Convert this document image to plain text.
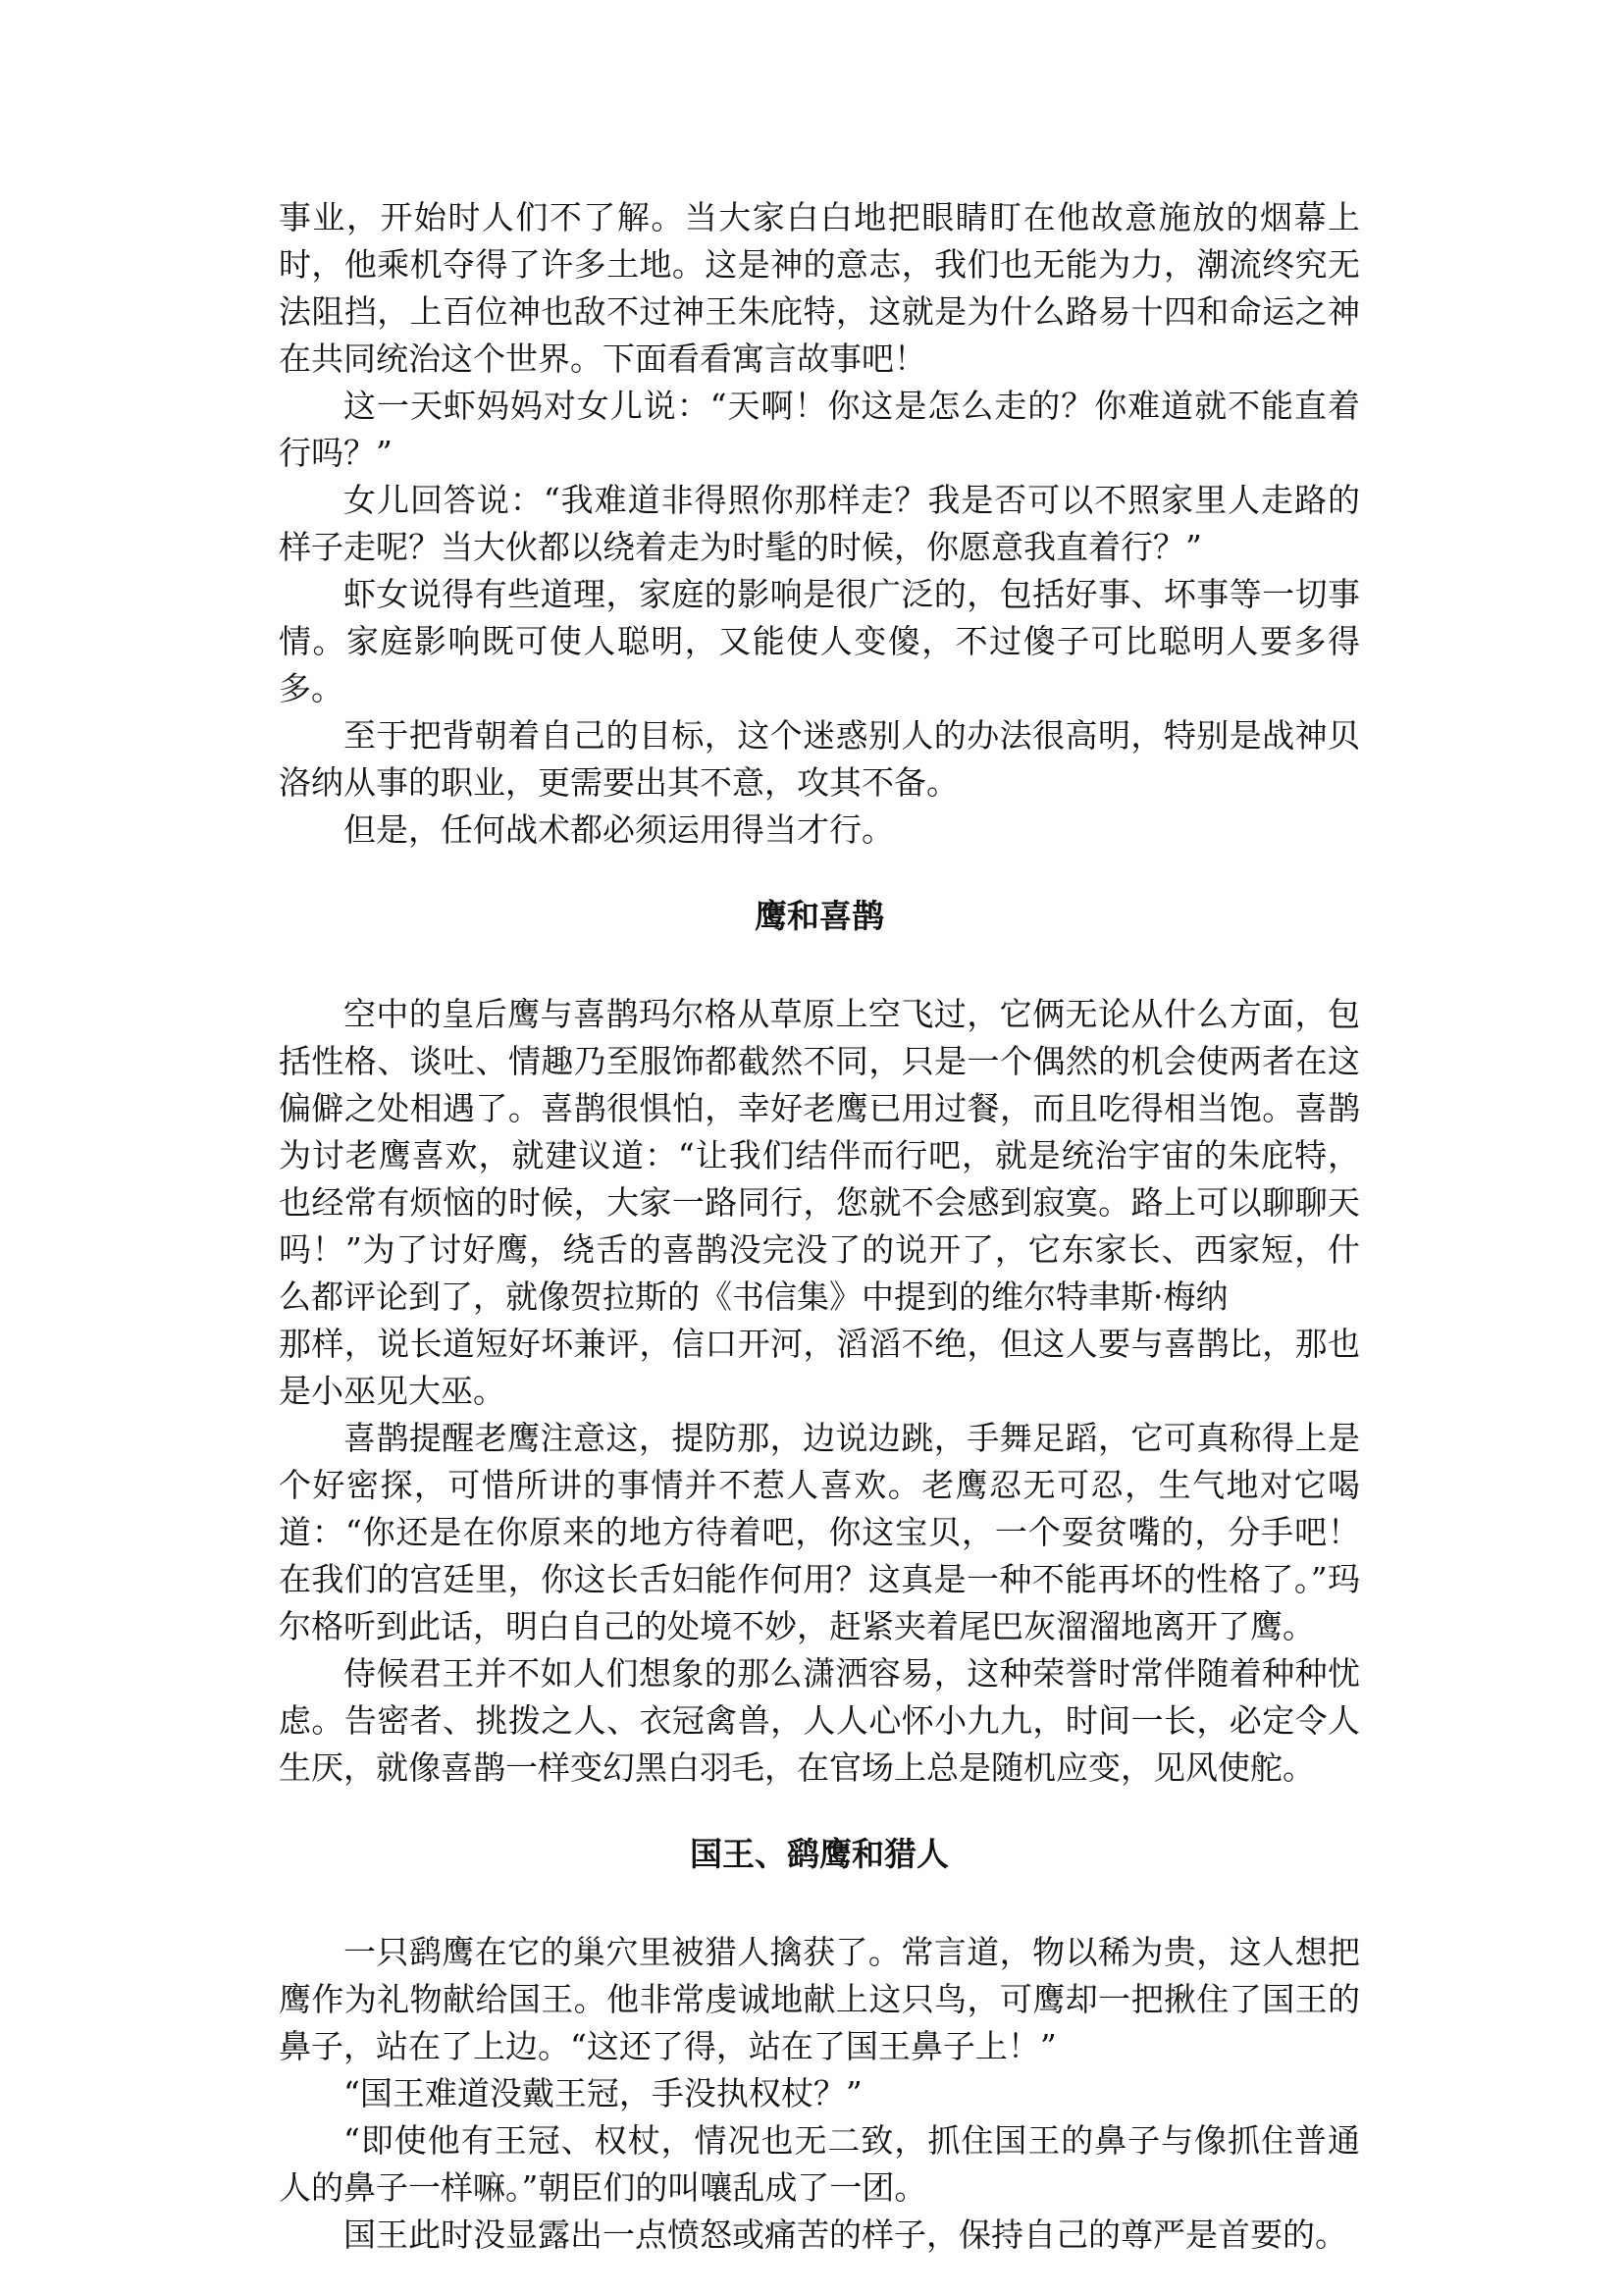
事业，开始时人们不了解。当大家白白地把眼睛盯在他故意施放的烟幕上时，他乘机夺得了许多土地。这是神的意志，我们也无能为力，潮流终究无法阻挡，上百位神也敌不过神王朱庇特，这就是为什么路易十四和命运之神在共同统治这个世界。下面看看寓言故事吧！

这一天虾妈妈对女儿说：“天啊！你这是怎么走的？你难道就不能直着行吗？”

女儿回答说：“我难道非得照你那样走？我是否可以不照家里人走路的样子走呢？当大伙都以绕着走为时髦的时候，你愿意我直着行？”

虾女说得有些道理，家庭的影响是很广泛的，包括好事、坏事等一切事情。家庭影响既可使人聪明，又能使人变傻，不过傻子可比聪明人要多得多。

至于把背朝着自己的目标，这个迷惑别人的办法很高明，特别是战神贝洛纳从事的职业，更需要出其不意，攻其不备。

但是，任何战术都必须运用得当才行。

鹰和喜鹊

空中的皇后鹰与喜鹊玛尔格从草原上空飞过，它俩无论从什么方面，包括性格、谈吐、情趣乃至服饰都截然不同，只是一个偶然的机会使两者在这偏僻之处相遇了。喜鹊很惧怕，幸好老鹰已用过餐，而且吃得相当饱。喜鹊为讨老鹰喜欢，就建议道：“让我们结伴而行吧，就是统治宇宙的朱庇特，也经常有烦恼的时候，大家一路同行，您就不会感到寂寞。路上可以聊聊天吗！”为了讨好鹰，绕舌的喜鹊没完没了的说开了，它东家长、西家短，什么都评论到了，就像贺拉斯的《书信集》中提到的维尔特聿斯·梅纳

那样，说长道短好坏兼评，信口开河，滔滔不绝，但这人要与喜鹊比，那也是小巫见大巫。

喜鹊提醒老鹰注意这，提防那，边说边跳，手舞足蹈，它可真称得上是个好密探，可惜所讲的事情并不惹人喜欢。老鹰忍无可忍，生气地对它喝道：“你还是在你原来的地方待着吧，你这宝贝，一个耍贫嘴的，分手吧！在我们的宫廷里，你这长舌妇能作何用？这真是一种不能再坏的性格了。”玛尔格听到此话，明白自己的处境不妙，赶紧夹着尾巴灰溜溜地离开了鹰。

侍候君王并不如人们想象的那么潇洒容易，这种荣誉时常伴随着种种忧虑。告密者、挑拨之人、衣冠禽兽，人人心怀小九九，时间一长，必定令人生厌，就像喜鹊一样变幻黑白羽毛，在官场上总是随机应变，见风使舵。

国王、鹞鹰和猎人

一只鹞鹰在它的巢穴里被猎人擒获了。常言道，物以稀为贵，这人想把鹰作为礼物献给国王。他非常虔诚地献上这只鸟，可鹰却一把揪住了国王的鼻子，站在了上边。“这还了得，站在了国王鼻子上！”

“国王难道没戴王冠，手没执权杖？”

“即使他有王冠、权杖，情况也无二致，抓住国王的鼻子与像抓住普通人的鼻子一样嘛。”朝臣们的叫嚷乱成了一团。

国王此时没显露出一点愤怒或痛苦的样子，保持自己的尊严是首要的。
